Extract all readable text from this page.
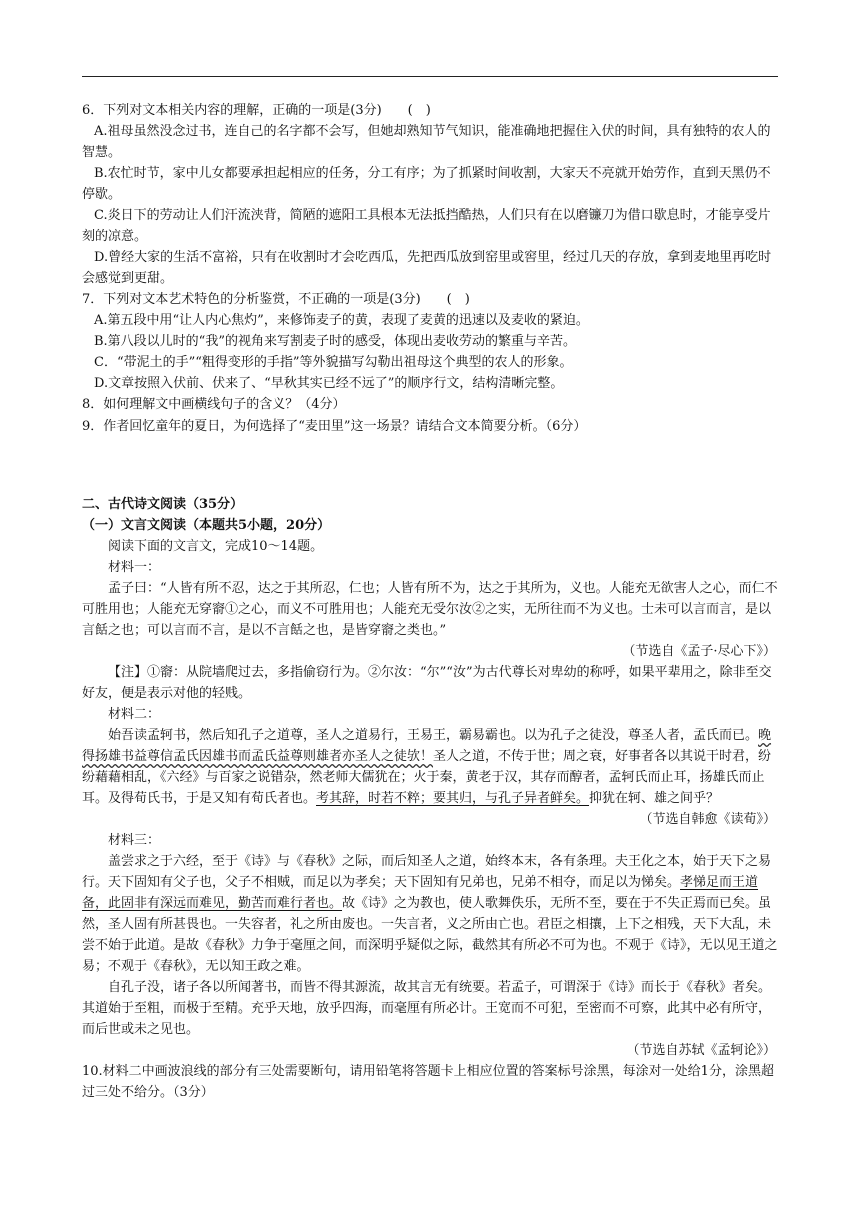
6．下列对文本相关内容的理解，正确的一项是(3分)　　(　)

A.祖母虽然没念过书，连自己的名字都不会写，但她却熟知节气知识，能准确地把握住入伏的时间，具有独特的农人的智慧。

B.农忙时节，家中儿女都要承担起相应的任务，分工有序；为了抓紧时间收割，大家天不亮就开始劳作，直到天黑仍不停歇。

C.炎日下的劳动让人们汗流浃背，简陋的遮阳工具根本无法抵挡酷热，人们只有在以磨镰刀为借口歇息时，才能享受片刻的凉意。

D.曾经大家的生活不富裕，只有在收割时才会吃西瓜，先把西瓜放到窑里或窖里，经过几天的存放，拿到麦地里再吃时会感觉到更甜。

7．下列对文本艺术特色的分析鉴赏，不正确的一项是(3分)　　(　)

A.第五段中用“让人内心焦灼”，来修饰麦子的黄，表现了麦黄的迅速以及麦收的紧迫。

B.第八段以儿时的“我”的视角来写割麦子时的感受，体现出麦收劳动的繁重与辛苦。

C．“带泥土的手”“粗得变形的手指”等外貌描写勾勒出祖母这个典型的农人的形象。

D.文章按照入伏前、伏来了、“早秋其实已经不远了”的顺序行文，结构清晰完整。

8．如何理解文中画横线句子的含义？（4分）

9．作者回忆童年的夏日，为何选择了“麦田里”这一场景？请结合文本简要分析。（6分）

二、古代诗文阅读（35分）

（一）文言文阅读（本题共5小题，20分）

阅读下面的文言文，完成10～14题。

材料一：

孟子曰：“人皆有所不忍，达之于其所忍，仁也；人皆有所不为，达之于其所为，义也。人能充无欲害人之心，而仁不可胜用也；人能充无穿窬①之心，而义不可胜用也；人能充无受尔汝②之实，无所往而不为义也。士未可以言而言，是以言餂之也；可以言而不言，是以不言餂之也，是皆穿窬之类也。”

（节选自《孟子·尽心下》）

【注】①窬：从院墙爬过去，多指偷窃行为。②尔汝：“尔”“汝”为古代尊长对卑幼的称呼，如果平辈用之，除非至交好友，便是表示对他的轻贱。

材料二：

始吾读孟轲书，然后知孔子之道尊，圣人之道易行，王易王，霸易霸也。以为孔子之徒没，尊圣人者，孟氏而已。晚得扬雄书益尊信孟氏因雄书而孟氏益尊则雄者亦圣人之徒欤！圣人之道，不传于世；周之衰，好事者各以其说干时君，纷纷藉藉相乱，《六经》与百家之说错杂，然老师大儒犹在；火于秦，黄老于汉，其存而醇者，孟轲氏而止耳，扬雄氏而止耳。及得荀氏书，于是又知有荀氏者也。考其辞，时若不粹；要其归，与孔子异者鲜矣。抑犹在轲、雄之间乎？

（节选自韩愈《读荀》）

材料三：

盖尝求之于六经，至于《诗》与《春秋》之际，而后知圣人之道，始终本末，各有条理。夫王化之本，始于天下之易行。天下固知有父子也，父子不相贼，而足以为孝矣；天下固知有兄弟也，兄弟不相夺，而足以为悌矣。孝悌足而王道备，此固非有深远而难见，勤苦而难行者也。故《诗》之为教也，使人歌舞佚乐，无所不至，要在于不失正焉而已矣。虽然，圣人固有所甚畏也。一失容者，礼之所由废也。一失言者，义之所由亡也。君臣之相攘，上下之相残，天下大乱，未尝不始于此道。是故《春秋》力争于毫厘之间，而深明乎疑似之际，截然其有所必不可为也。不观于《诗》，无以见王道之易；不观于《春秋》，无以知王政之难。

自孔子没，诸子各以所闻著书，而皆不得其源流，故其言无有统要。若孟子，可谓深于《诗》而长于《春秋》者矣。其道始于至粗，而极于至精。充乎天地，放乎四海，而毫厘有所必计。王宽而不可犯，至密而不可察，此其中必有所守，而后世或未之见也。

（节选自苏轼《孟轲论》）

10.材料二中画波浪线的部分有三处需要断句，请用铅笔将答题卡上相应位置的答案标号涂黑，每涂对一处给1分，涂黑超过三处不给分。（3分）
